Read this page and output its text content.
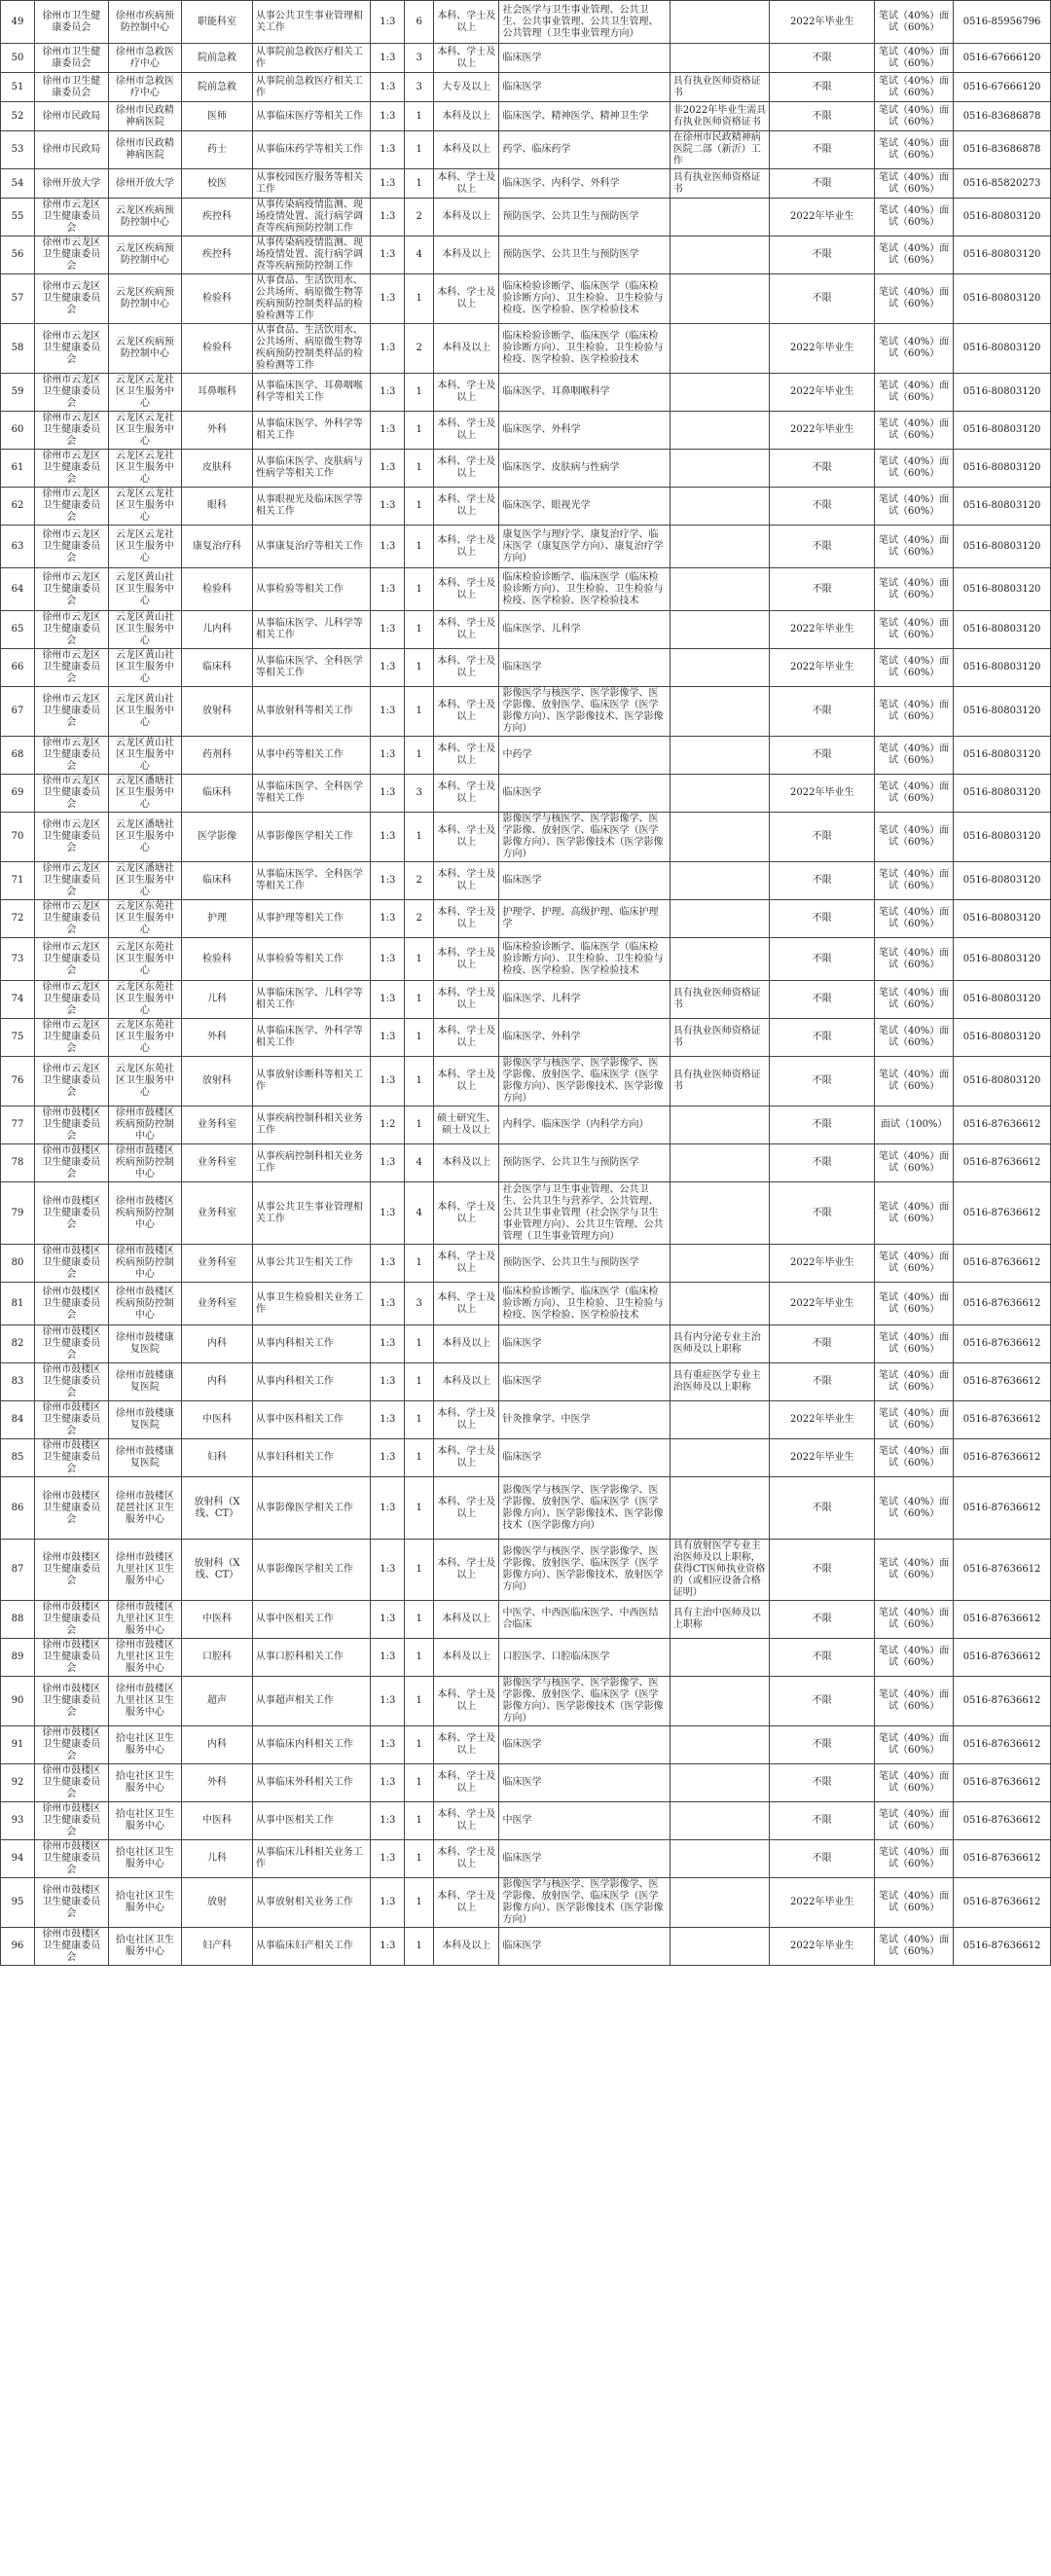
49	徐州市卫生健康委员会	徐州市疾病预防控制中心	职能科室	从事公共卫生事业管理相关工作	1:3	6	本科、学士及以上	社会医学与卫生事业管理、公共卫生、公共事业管理、公共卫生管理、公共管理（卫生事业管理方向）		2022年毕业生	笔试（40%）面试（60%）	0516-85956796
50	徐州市卫生健康委员会	徐州市急救医疗中心	院前急救	从事院前急救医疗相关工作	1:3	3	本科、学士及以上	临床医学		不限	笔试（40%）面试（60%）	0516-67666120
51	徐州市卫生健康委员会	徐州市急救医疗中心	院前急救	从事院前急救医疗相关工作	1:3	3	大专及以上	临床医学	具有执业医师资格证书	不限	笔试（40%）面试（60%）	0516-67666120
52	徐州市民政局	徐州市民政精神病医院	医师	从事临床医疗等相关工作	1:3	1	本科及以上	临床医学、精神医学、精神卫生学	非2022年毕业生需具有执业医师资格证书	不限	笔试（40%）面试（60%）	0516-83686878
53	徐州市民政局	徐州市民政精神病医院	药士	从事临床药学等相关工作	1:3	1	本科及以上	药学、临床药学	在徐州市民政精神病医院二部（新沂）工作	不限	笔试（40%）面试（60%）	0516-83686878
54	徐州开放大学	徐州开放大学	校医	从事校园医疗服务等相关工作	1:3	1	本科、学士及以上	临床医学、内科学、外科学	具有执业医师资格证书	不限	笔试（40%）面试（60%）	0516-85820273
55	徐州市云龙区卫生健康委员会	云龙区疾病预防控制中心	疾控科	从事传染病疫情监测、现场疫情处置、流行病学调查等疾病预防控制工作	1:3	2	本科及以上	预防医学、公共卫生与预防医学		2022年毕业生	笔试（40%）面试（60%）	0516-80803120
56	徐州市云龙区卫生健康委员会	云龙区疾病预防控制中心	疾控科	从事传染病疫情监测、现场疫情处置、流行病学调查等疾病预防控制工作	1:3	4	本科及以上	预防医学、公共卫生与预防医学		不限	笔试（40%）面试（60%）	0516-80803120
57	徐州市云龙区卫生健康委员会	云龙区疾病预防控制中心	检验科	从事食品、生活饮用水、公共场所、病原微生物等疾病预防控制类样品的检验检测等工作	1:3	1	本科、学士及以上	临床检验诊断学、临床医学（临床检验诊断方向）、卫生检验、卫生检验与检疫、医学检验、医学检验技术		不限	笔试（40%）面试（60%）	0516-80803120
58	徐州市云龙区卫生健康委员会	云龙区疾病预防控制中心	检验科	从事食品、生活饮用水、公共场所、病原微生物等疾病预防控制类样品的检验检测等工作	1:3	2	本科及以上	临床检验诊断学、临床医学（临床检验诊断方向）、卫生检验、卫生检验与检疫、医学检验、医学检验技术		2022年毕业生	笔试（40%）面试（60%）	0516-80803120
59	徐州市云龙区卫生健康委员会	云龙区云龙社区卫生服务中心	耳鼻喉科	从事临床医学、耳鼻咽喉科学等相关工作	1:3	1	本科、学士及以上	临床医学、耳鼻咽喉科学		2022年毕业生	笔试（40%）面试（60%）	0516-80803120
60	徐州市云龙区卫生健康委员会	云龙区云龙社区卫生服务中心	外科	从事临床医学、外科学等相关工作	1:3	1	本科、学士及以上	临床医学、外科学		2022年毕业生	笔试（40%）面试（60%）	0516-80803120
61	徐州市云龙区卫生健康委员会	云龙区云龙社区卫生服务中心	皮肤科	从事临床医学、皮肤病与性病学等相关工作	1:3	1	本科、学士及以上	临床医学、皮肤病与性病学		不限	笔试（40%）面试（60%）	0516-80803120
62	徐州市云龙区卫生健康委员会	云龙区云龙社区卫生服务中心	眼科	从事眼视光及临床医学等相关工作	1:3	1	本科、学士及以上	临床医学、眼视光学		不限	笔试（40%）面试（60%）	0516-80803120
63	徐州市云龙区卫生健康委员会	云龙区云龙社区卫生服务中心	康复治疗科	从事康复治疗等相关工作	1:3	1	本科、学士及以上	康复医学与理疗学、康复治疗学、临床医学（康复医学方向）、康复治疗学方向）		不限	笔试（40%）面试（60%）	0516-80803120
64	徐州市云龙区卫生健康委员会	云龙区黄山社区卫生服务中心	检验科	从事检验等相关工作	1:3	1	本科、学士及以上	临床检验诊断学、临床医学（临床检验诊断方向）、卫生检验、卫生检验与检疫、医学检验、医学检验技术		不限	笔试（40%）面试（60%）	0516-80803120
65	徐州市云龙区卫生健康委员会	云龙区黄山社区卫生服务中心	儿内科	从事临床医学、儿科学等相关工作	1:3	1	本科、学士及以上	临床医学、儿科学		2022年毕业生	笔试（40%）面试（60%）	0516-80803120
66	徐州市云龙区卫生健康委员会	云龙区黄山社区卫生服务中心	临床科	从事临床医学、全科医学等相关工作	1:3	1	本科、学士及以上	临床医学		2022年毕业生	笔试（40%）面试（60%）	0516-80803120
67	徐州市云龙区卫生健康委员会	云龙区黄山社区卫生服务中心	放射科	从事放射科等相关工作	1:3	1	本科、学士及以上	影像医学与核医学、医学影像学、医学影像、放射医学、临床医学（医学影像方向）、医学影像技术、医学影像方向）		不限	笔试（40%）面试（60%）	0516-80803120
68	徐州市云龙区卫生健康委员会	云龙区黄山社区卫生服务中心	药剂科	从事中药等相关工作	1:3	1	本科、学士及以上	中药学		不限	笔试（40%）面试（60%）	0516-80803120
69	徐州市云龙区卫生健康委员会	云龙区潘塘社区卫生服务中心	临床科	从事临床医学、全科医学等相关工作	1:3	3	本科、学士及以上	临床医学		2022年毕业生	笔试（40%）面试（60%）	0516-80803120
70	徐州市云龙区卫生健康委员会	云龙区潘塘社区卫生服务中心	医学影像	从事影像医学相关工作	1:3	1	本科、学士及以上	影像医学与核医学、医学影像学、医学影像、放射医学、临床医学（医学影像方向）、医学影像技术（医学影像方向）		不限	笔试（40%）面试（60%）	0516-80803120
71	徐州市云龙区卫生健康委员会	云龙区潘塘社区卫生服务中心	临床科	从事临床医学、全科医学等相关工作	1:3	2	本科、学士及以上	临床医学		不限	笔试（40%）面试（60%）	0516-80803120
72	徐州市云龙区卫生健康委员会	云龙区东苑社区卫生服务中心	护理	从事护理等相关工作	1:3	2	本科、学士及以上	护理学、护理、高级护理、临床护理学		不限	笔试（40%）面试（60%）	0516-80803120
73	徐州市云龙区卫生健康委员会	云龙区东苑社区卫生服务中心	检验科	从事检验等相关工作	1:3	1	本科、学士及以上	临床检验诊断学、临床医学（临床检验诊断方向）、卫生检验、卫生检验与检疫、医学检验、医学检验技术		不限	笔试（40%）面试（60%）	0516-80803120
74	徐州市云龙区卫生健康委员会	云龙区东苑社区卫生服务中心	儿科	从事临床医学、儿科学等相关工作	1:3	1	本科、学士及以上	临床医学、儿科学	具有执业医师资格证书	不限	笔试（40%）面试（60%）	0516-80803120
75	徐州市云龙区卫生健康委员会	云龙区东苑社区卫生服务中心	外科	从事临床医学、外科学等相关工作	1:3	1	本科、学士及以上	临床医学、外科学	具有执业医师资格证书	不限	笔试（40%）面试（60%）	0516-80803120
76	徐州市云龙区卫生健康委员会	云龙区东苑社区卫生服务中心	放射科	从事放射诊断科等相关工作	1:3	1	本科、学士及以上	影像医学与核医学、医学影像学、医学影像、放射医学、临床医学（医学影像方向）、医学影像技术、医学影像方向）	具有执业医师资格证书	不限	笔试（40%）面试（60%）	0516-80803120
77	徐州市鼓楼区卫生健康委员会	徐州市鼓楼区疾病预防控制中心	业务科室	从事疾病控制科相关业务工作	1:2	1	硕士研究生、硕士及以上	内科学、临床医学（内科学方向）		不限	面试（100%）	0516-87636612
78	徐州市鼓楼区卫生健康委员会	徐州市鼓楼区疾病预防控制中心	业务科室	从事疾病控制科相关业务工作	1:3	4	本科及以上	预防医学、公共卫生与预防医学		不限	笔试（40%）面试（60%）	0516-87636612
79	徐州市鼓楼区卫生健康委员会	徐州市鼓楼区疾病预防控制中心	业务科室	从事公共卫生事业管理相关工作	1:3	4	本科、学士及以上	社会医学与卫生事业管理、公共卫生、公共卫生与营养学、公共管理、公共卫生事业管理（社会医学与卫生事业管理方向）、公共卫生管理、公共管理（卫生事业管理方向）		不限	笔试（40%）面试（60%）	0516-87636612
80	徐州市鼓楼区卫生健康委员会	徐州市鼓楼区疾病预防控制中心	业务科室	从事公共卫生相关工作	1:3	1	本科、学士及以上	预防医学、公共卫生与预防医学		2022年毕业生	笔试（40%）面试（60%）	0516-87636612
81	徐州市鼓楼区卫生健康委员会	徐州市鼓楼区疾病预防控制中心	业务科室	从事卫生检验相关业务工作	1:3	3	本科、学士及以上	临床检验诊断学、临床医学（临床检验诊断方向）、卫生检验、卫生检验与检疫、医学检验、医学检验技术		2022年毕业生	笔试（40%）面试（60%）	0516-87636612
82	徐州市鼓楼区卫生健康委员会	徐州市鼓楼康复医院	内科	从事内科相关工作	1:3	1	本科及以上	临床医学	具有内分泌专业主治医师及以上职称	不限	笔试（40%）面试（60%）	0516-87636612
83	徐州市鼓楼区卫生健康委员会	徐州市鼓楼康复医院	内科	从事内科相关工作	1:3	1	本科及以上	临床医学	具有重症医学专业主治医师及以上职称	不限	笔试（40%）面试（60%）	0516-87636612
84	徐州市鼓楼区卫生健康委员会	徐州市鼓楼康复医院	中医科	从事中医科相关工作	1:3	1	本科、学士及以上	针灸推拿学、中医学		2022年毕业生	笔试（40%）面试（60%）	0516-87636612
85	徐州市鼓楼区卫生健康委员会	徐州市鼓楼康复医院	妇科	从事妇科相关工作	1:3	1	本科、学士及以上	临床医学		2022年毕业生	笔试（40%）面试（60%）	0516-87636612
86	徐州市鼓楼区卫生健康委员会	徐州市鼓楼区琵琶社区卫生服务中心	放射科（X线、CT）	从事影像医学相关工作	1:3	1	本科、学士及以上	影像医学与核医学、医学影像学、医学影像、放射医学、临床医学（医学影像方向）、医学影像技术、医学影像技术（医学影像方向）		不限	笔试（40%）面试（60%）	0516-87636612
87	徐州市鼓楼区卫生健康委员会	徐州市鼓楼区九里社区卫生服务中心	放射科（X线、CT）	从事影像医学相关工作	1:3	1	本科、学士及以上	影像医学与核医学、医学影像学、医学影像、放射医学、临床医学（医学影像方向）、医学影像技术、放射医学方向）	具有放射医学专业主治医师及以上职称，获得CT医师执业资格的（或相应设备合格证明）	不限	笔试（40%）面试（60%）	0516-87636612
88	徐州市鼓楼区卫生健康委员会	徐州市鼓楼区九里社区卫生服务中心	中医科	从事中医相关工作	1:3	1	本科及以上	中医学、中西医临床医学、中西医结合临床	具有主治中医师及以上职称	不限	笔试（40%）面试（60%）	0516-87636612
89	徐州市鼓楼区卫生健康委员会	徐州市鼓楼区九里社区卫生服务中心	口腔科	从事口腔科相关工作	1:3	1	本科及以上	口腔医学、口腔临床医学		不限	笔试（40%）面试（60%）	0516-87636612
90	徐州市鼓楼区卫生健康委员会	徐州市鼓楼区九里社区卫生服务中心	超声	从事超声相关工作	1:3	1	本科、学士及以上	影像医学与核医学、医学影像学、医学影像、放射医学、临床医学（医学影像方向）、医学影像技术（医学影像方向）		不限	笔试（40%）面试（60%）	0516-87636612
91	徐州市鼓楼区卫生健康委员会	拾屯社区卫生服务中心	内科	从事临床内科相关工作	1:3	1	本科、学士及以上	临床医学		不限	笔试（40%）面试（60%）	0516-87636612
92	徐州市鼓楼区卫生健康委员会	拾屯社区卫生服务中心	外科	从事临床外科相关工作	1:3	1	本科、学士及以上	临床医学		不限	笔试（40%）面试（60%）	0516-87636612
93	徐州市鼓楼区卫生健康委员会	拾屯社区卫生服务中心	中医科	从事中医相关工作	1:3	1	本科、学士及以上	中医学		不限	笔试（40%）面试（60%）	0516-87636612
94	徐州市鼓楼区卫生健康委员会	拾屯社区卫生服务中心	儿科	从事临床儿科相关业务工作	1:3	1	本科、学士及以上	临床医学		不限	笔试（40%）面试（60%）	0516-87636612
95	徐州市鼓楼区卫生健康委员会	拾屯社区卫生服务中心	放射	从事放射相关业务工作	1:3	1	本科、学士及以上	影像医学与核医学、医学影像学、医学影像、放射医学、临床医学（医学影像方向）、医学影像技术（医学影像方向）		2022年毕业生	笔试（40%）面试（60%）	0516-87636612
96	徐州市鼓楼区卫生健康委员会	拾屯社区卫生服务中心	妇产科	从事临床妇产相关工作	1:3	1	本科及以上	临床医学		2022年毕业生	笔试（40%）面试（60%）	0516-87636612
